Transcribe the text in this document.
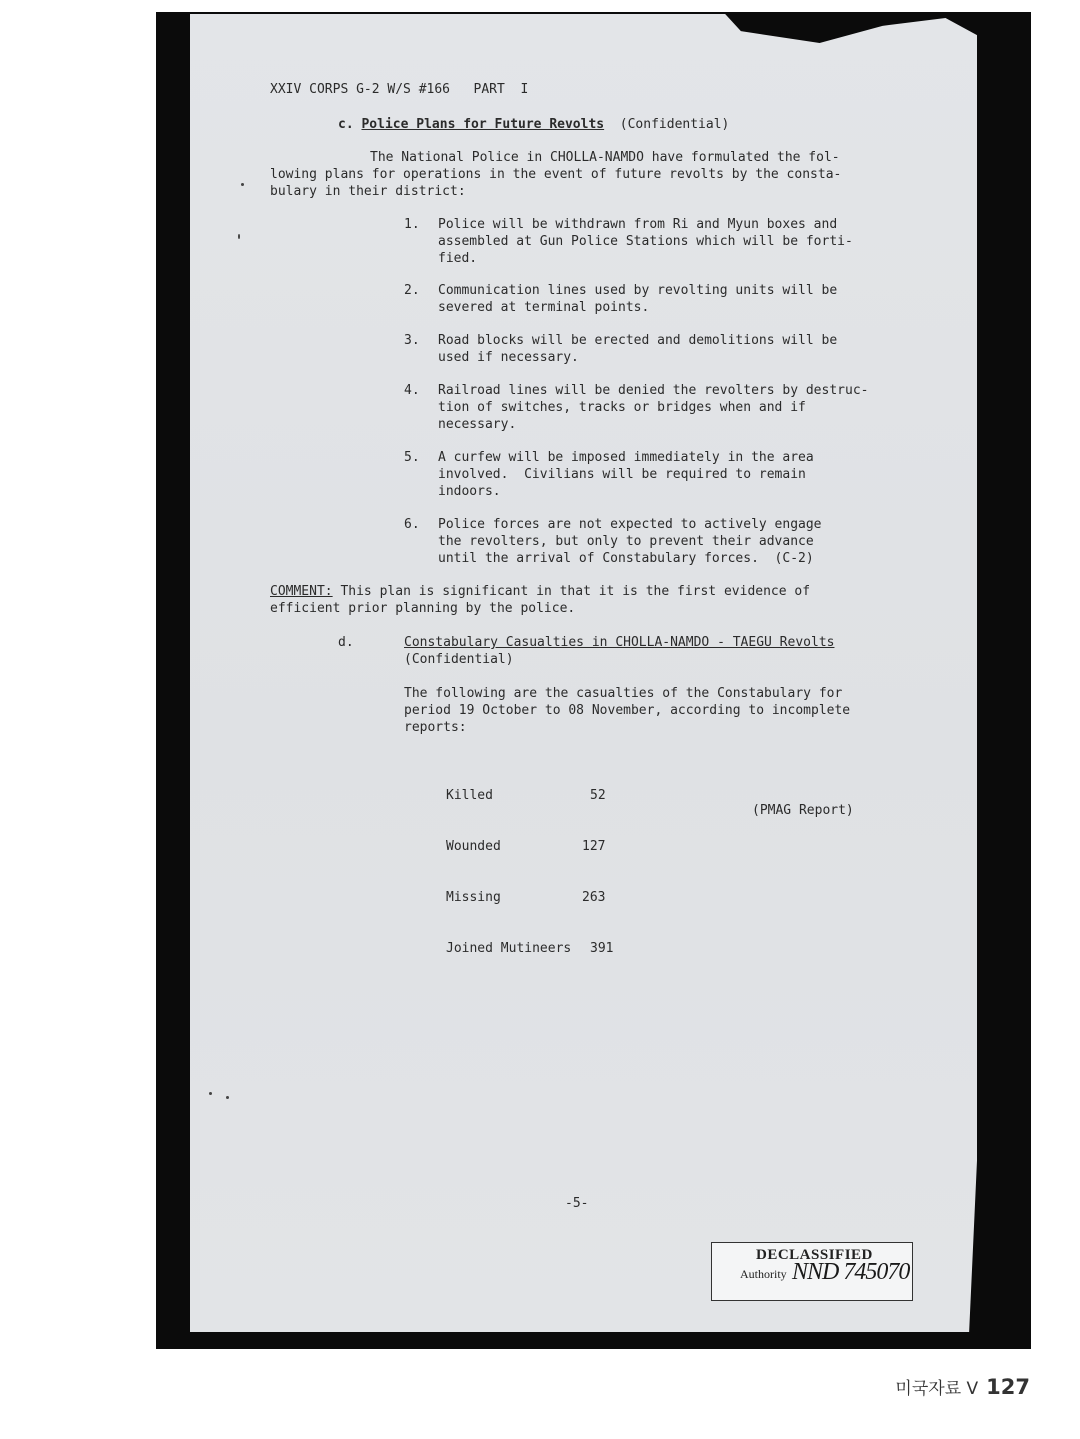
XXIV CORPS G-2 W/S #166   PART  I
c. Police Plans for Future Revolts (Confidential)
The National Police in CHOLLA-NAMDO have formulated the fol-
lowing plans for operations in the event of future revolts by the consta-
bulary in their district:
1. Police will be withdrawn from Ri and Myun boxes and
assembled at Gun Police Stations which will be forti-
fied.
2. Communication lines used by revolting units will be
severed at terminal points.
3. Road blocks will be erected and demolitions will be
used if necessary.
4. Railroad lines will be denied the revolters by destruc-
tion of switches, tracks or bridges when and if
necessary.
5. A curfew will be imposed immediately in the area
involved.  Civilians will be required to remain
indoors.
6. Police forces are not expected to actively engage
the revolters, but only to prevent their advance
until the arrival of Constabulary forces.  (C-2)
COMMENT: This plan is significant in that it is the first evidence of
efficient prior planning by the police.
d.	Constabulary Casualties in CHOLLA-NAMDO - TAEGU Revolts
(Confidential)
The following are the casualties of the Constabulary for
period 19 October to 08 November, according to incomplete
reports:

Killed

	52

Wounded

	127

Missing

	263

Joined Mutineers

391

(PMAG Report)
-5-
DECLASSIFIED
Authority NND 745070
미국자료 Ⅴ 127
